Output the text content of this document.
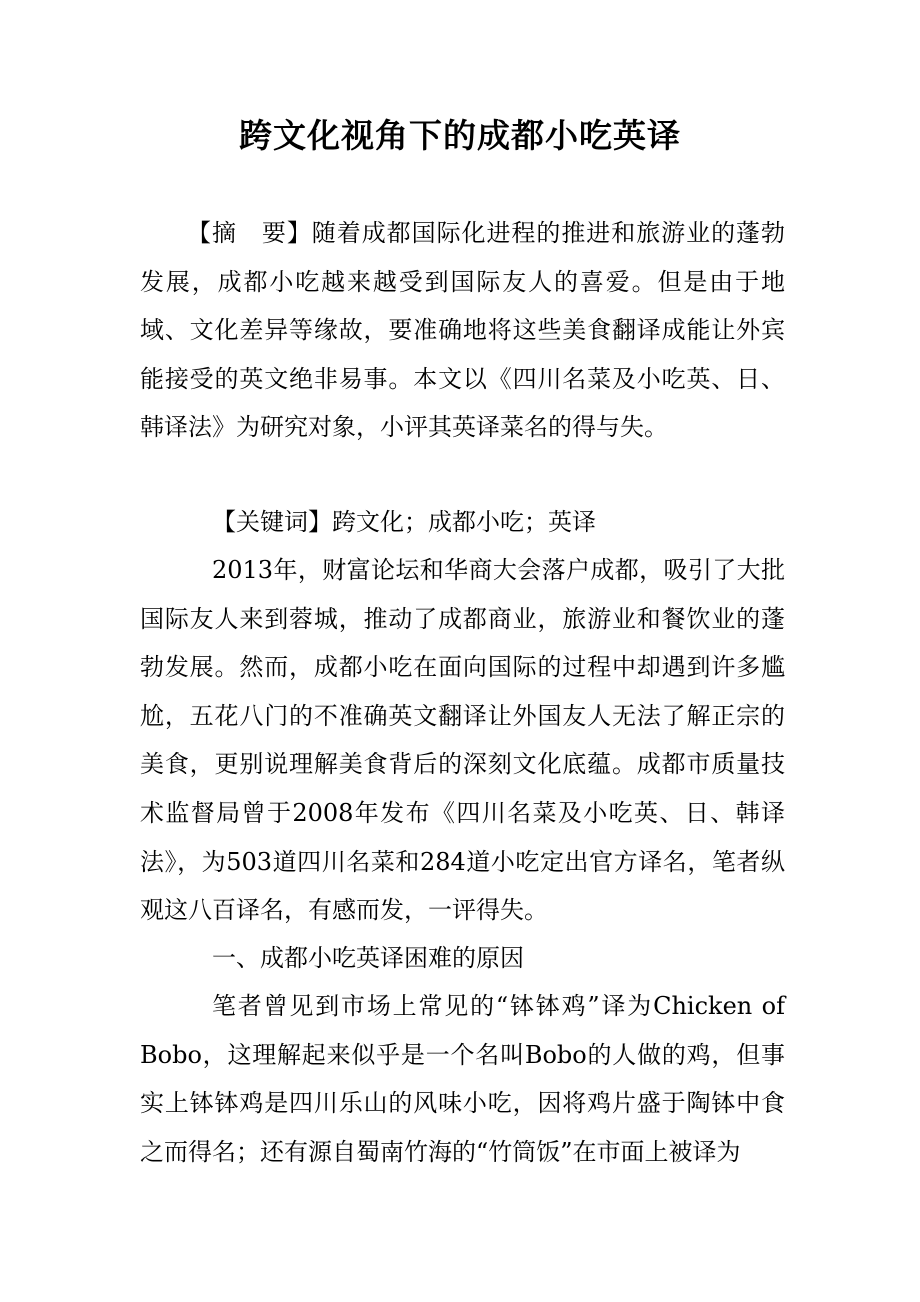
跨文化视角下的成都小吃英译

【摘　要】随着成都国际化进程的推进和旅游业的蓬勃发展，成都小吃越来越受到国际友人的喜爱。但是由于地域、文化差异等缘故，要准确地将这些美食翻译成能让外宾能接受的英文绝非易事。本文以《四川名菜及小吃英、日、韩译法》为研究对象，小评其英译菜名的得与失。

【关键词】跨文化；成都小吃；英译

2013年，财富论坛和华商大会落户成都，吸引了大批国际友人来到蓉城，推动了成都商业，旅游业和餐饮业的蓬勃发展。然而，成都小吃在面向国际的过程中却遇到许多尴尬，五花八门的不准确英文翻译让外国友人无法了解正宗的美食，更别说理解美食背后的深刻文化底蕴。成都市质量技术监督局曾于2008年发布《四川名菜及小吃英、日、韩译法》，为503道四川名菜和284道小吃定出官方译名，笔者纵观这八百译名，有感而发，一评得失。

一、成都小吃英译困难的原因

笔者曾见到市场上常见的“钵钵鸡”译为Chicken of Bobo，这理解起来似乎是一个名叫Bobo的人做的鸡，但事实上钵钵鸡是四川乐山的风味小吃，因将鸡片盛于陶钵中食之而得名；还有源自蜀南竹海的“竹筒饭”在市面上被译为
